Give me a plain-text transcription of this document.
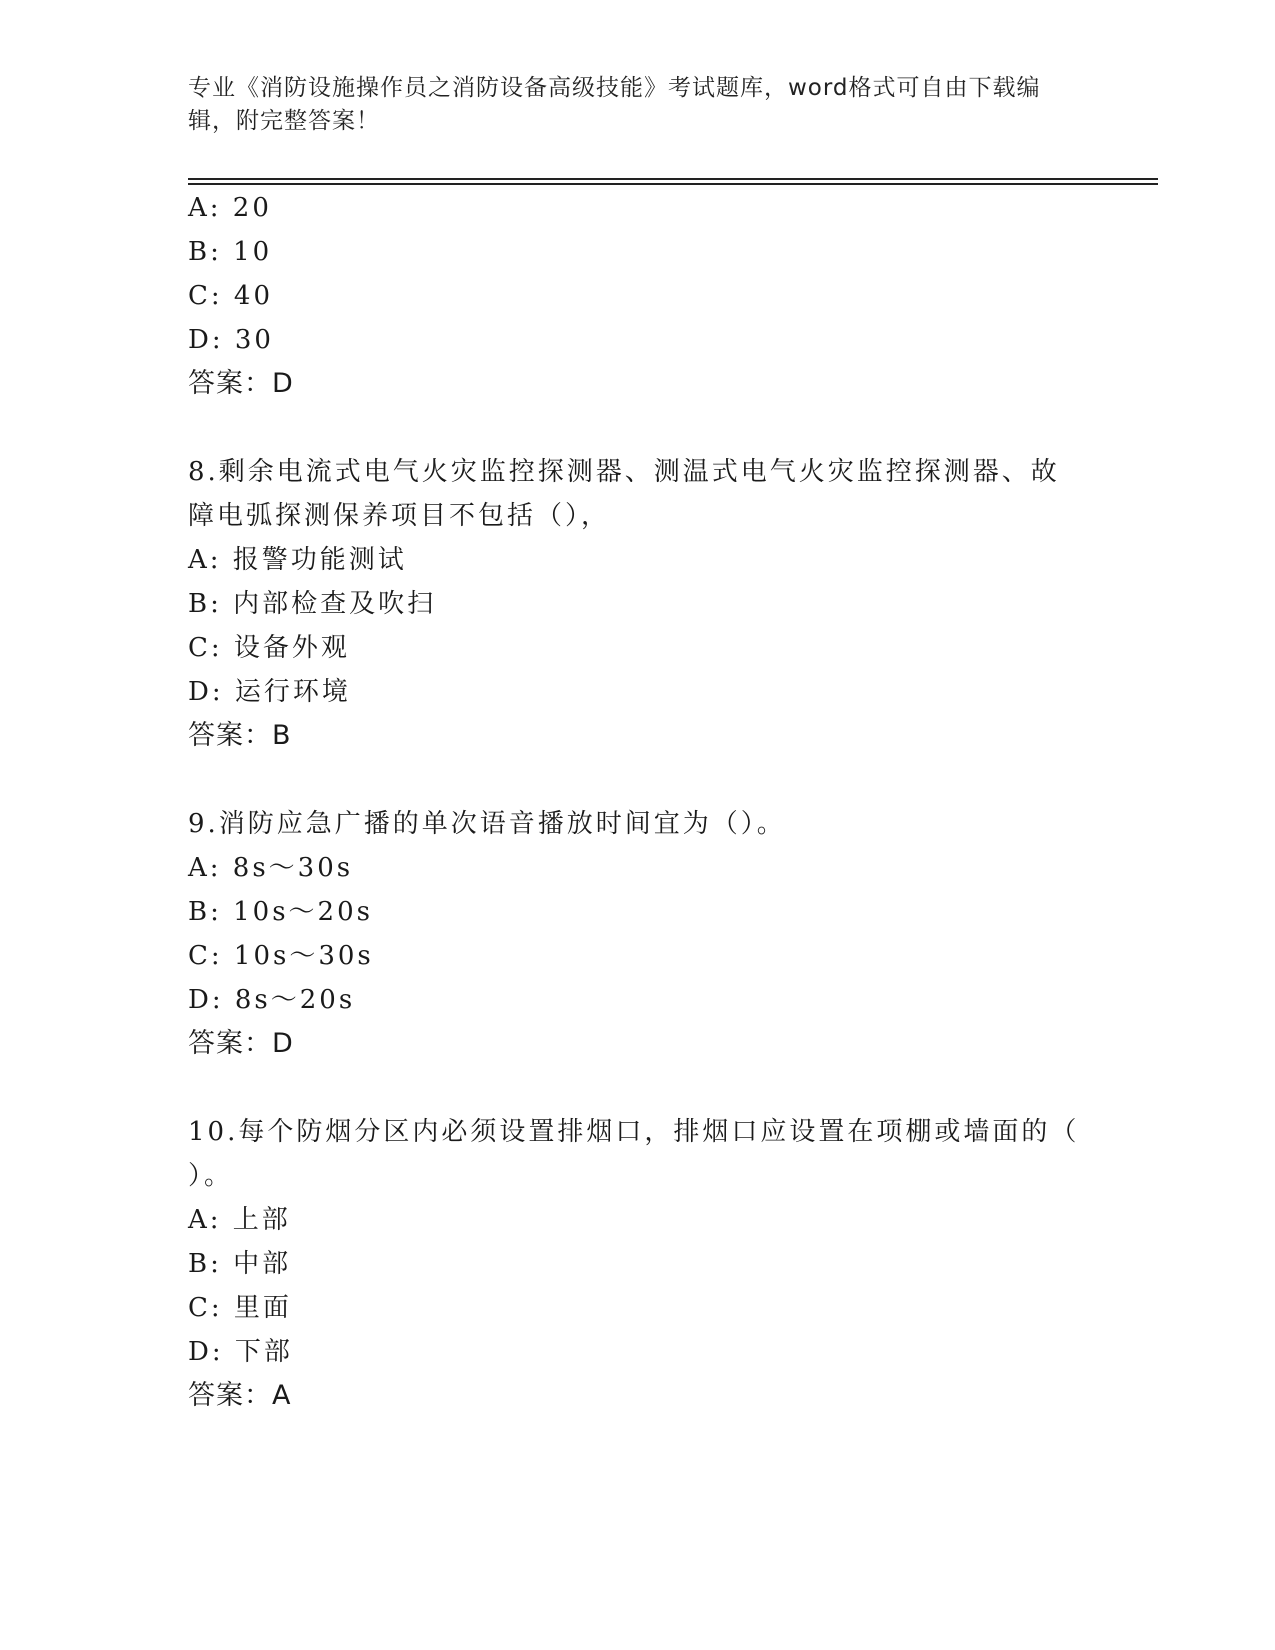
专业《消防设施操作员之消防设备高级技能》考试题库，word格式可自由下载编
辑，附完整答案！
A: 20
B: 10
C: 40
D: 30
答案：D
8.剩余电流式电气火灾监控探测器、测温式电气火灾监控探测器、故
障电弧探测保养项目不包括（），
A: 报警功能测试
B: 内部检查及吹扫
C: 设备外观
D: 运行环境
答案：B
9.消防应急广播的单次语音播放时间宜为（）。
A: 8s～30s
B: 10s～20s
C: 10s～30s
D: 8s～20s
答案：D
10.每个防烟分区内必须设置排烟口，排烟口应设置在项棚或墙面的（
）。
A: 上部
B: 中部
C: 里面
D: 下部
答案：A
